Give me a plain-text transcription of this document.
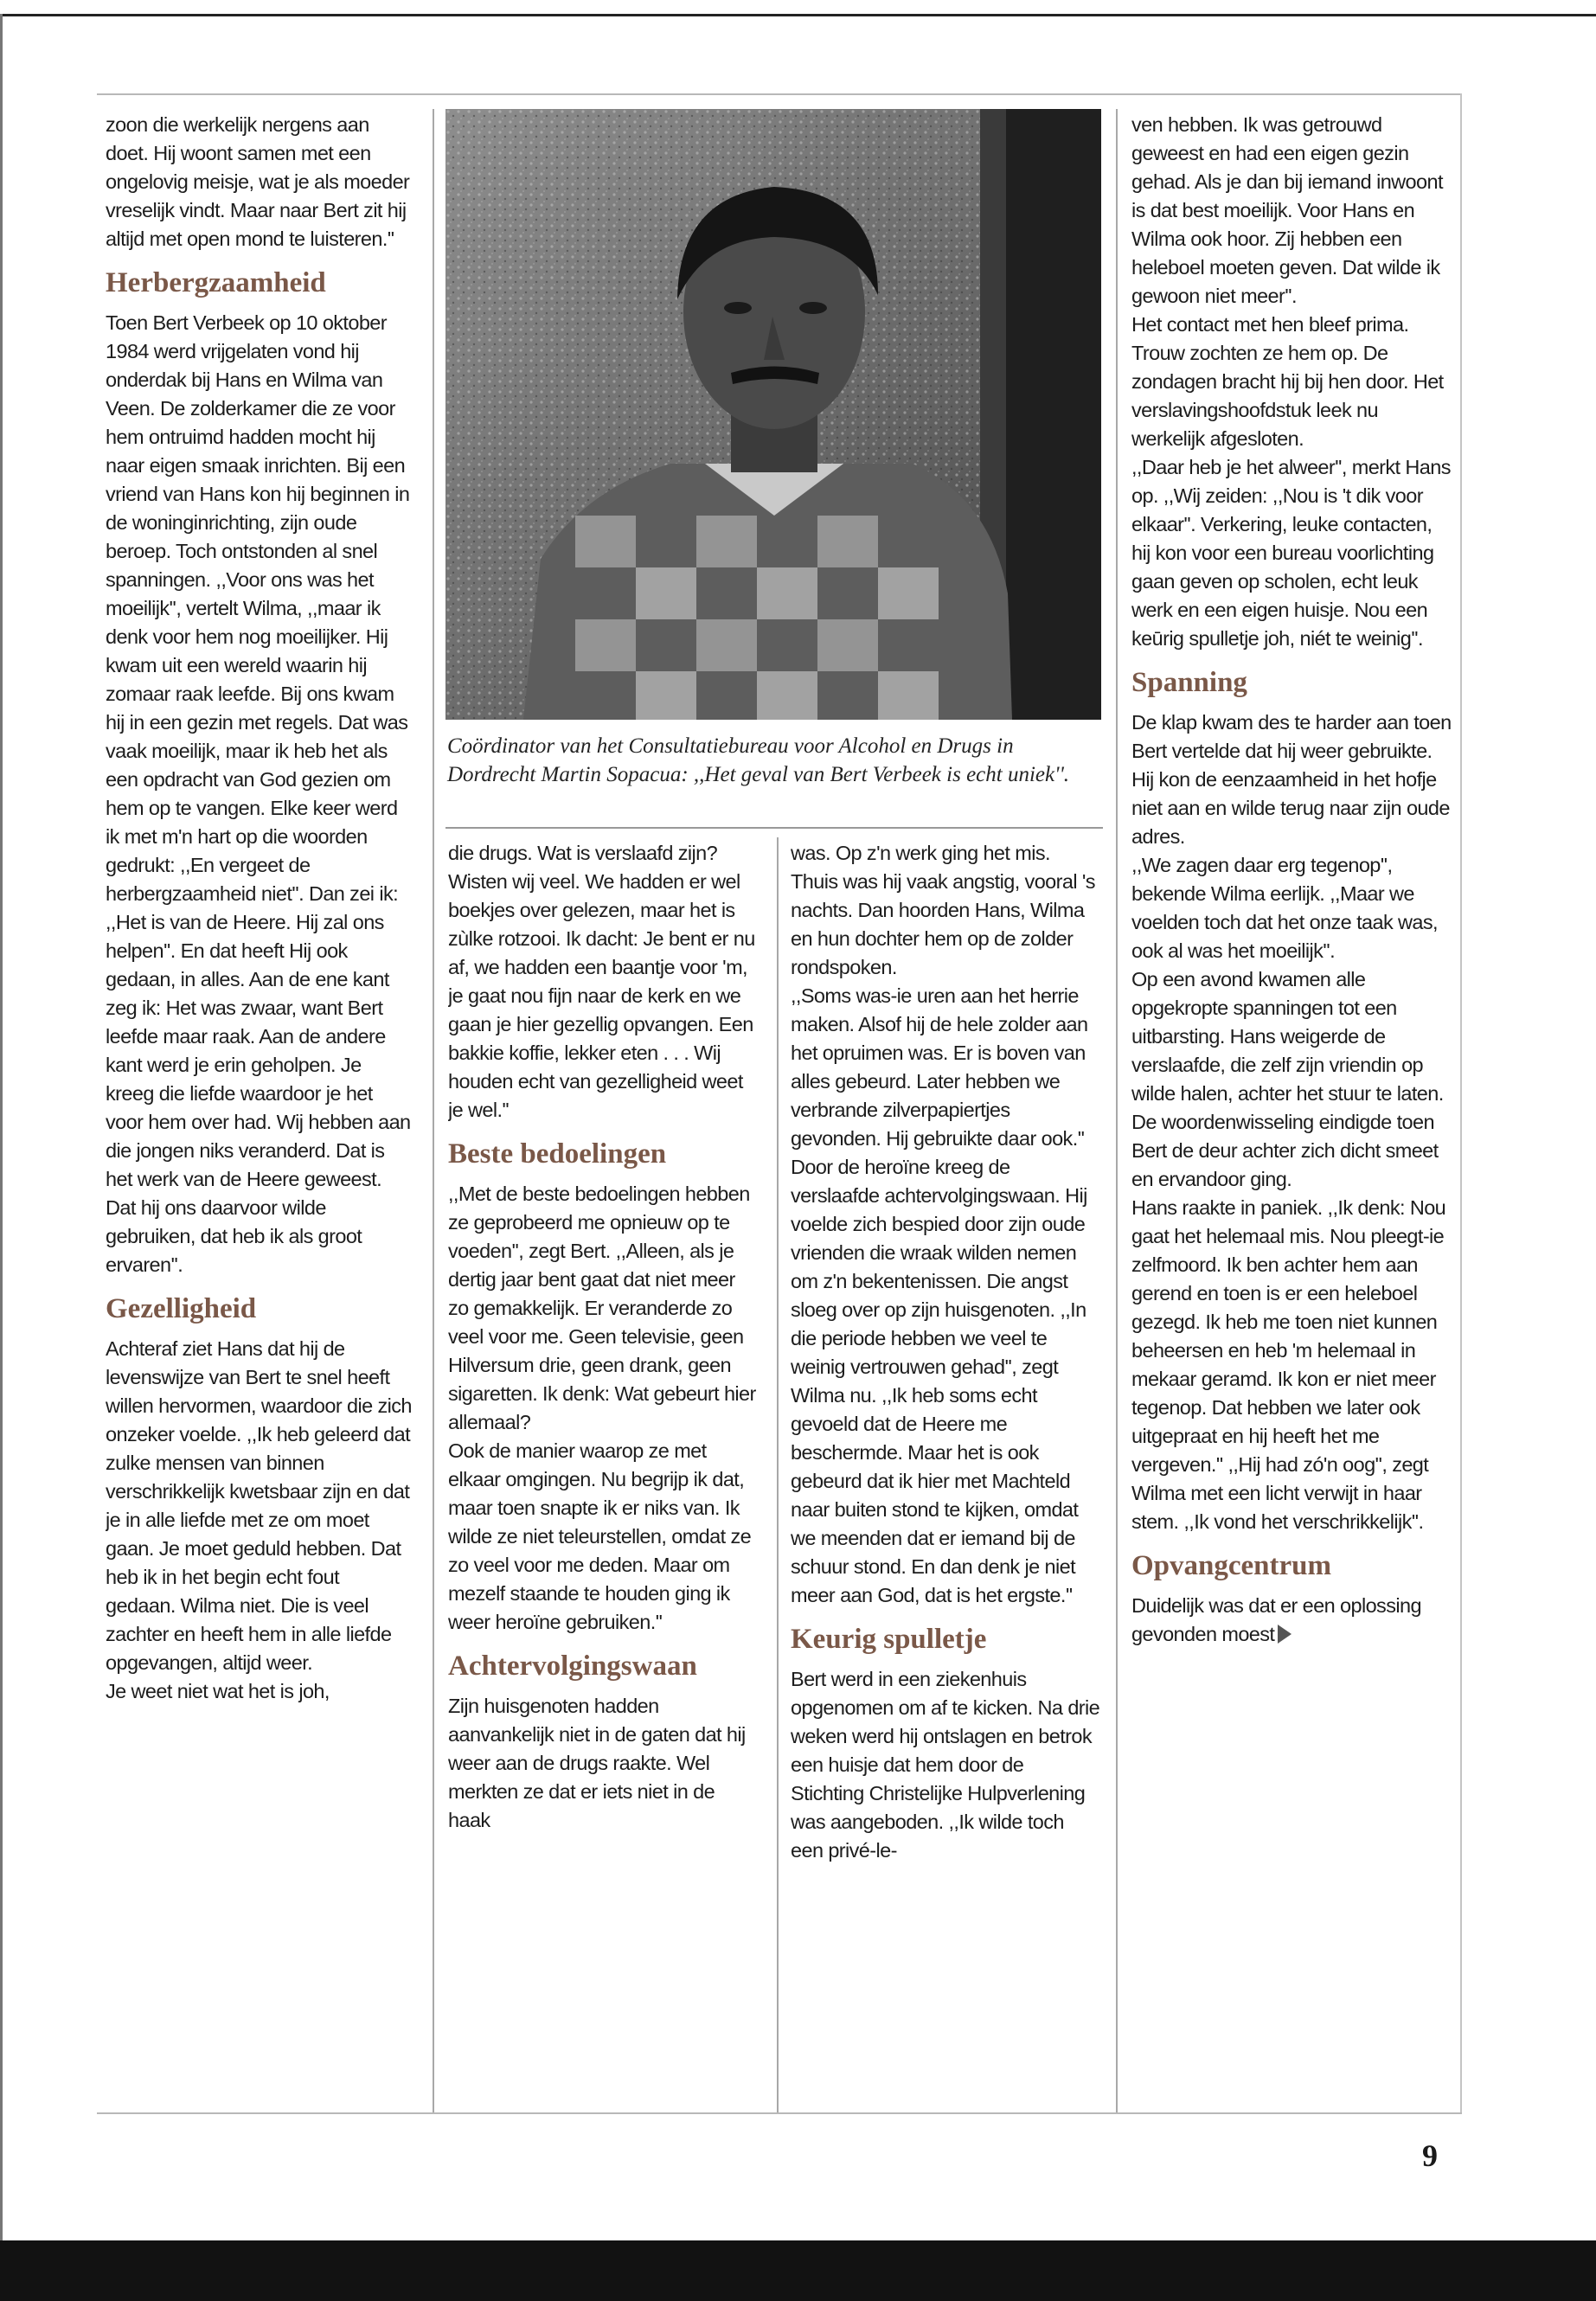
zoon die werkelijk nergens aan doet. Hij woont samen met een ongelovig meisje, wat je als moeder vreselijk vindt. Maar naar Bert zit hij altijd met open mond te luisteren.''

Herbergzaamheid

Toen Bert Verbeek op 10 oktober 1984 werd vrijgelaten vond hij onderdak bij Hans en Wilma van Veen. De zolderkamer die ze voor hem ontruimd hadden mocht hij naar eigen smaak inrichten. Bij een vriend van Hans kon hij beginnen in de woninginrichting, zijn oude beroep. Toch ontstonden al snel spanningen. ,,Voor ons was het moeilijk'', vertelt Wilma, ,,maar ik denk voor hem nog moeilijker. Hij kwam uit een wereld waarin hij zomaar raak leefde. Bij ons kwam hij in een gezin met regels. Dat was vaak moeilijk, maar ik heb het als een opdracht van God gezien om hem op te vangen. Elke keer werd ik met m'n hart op die woorden gedrukt: ,,En vergeet de herbergzaamheid niet''. Dan zei ik: ,,Het is van de Heere. Hij zal ons helpen''. En dat heeft Hij ook gedaan, in alles. Aan de ene kant zeg ik: Het was zwaar, want Bert leefde maar raak. Aan de andere kant werd je erin geholpen. Je kreeg die liefde waardoor je het voor hem over had. Wij hebben aan die jongen niks veranderd. Dat is het werk van de Heere geweest. Dat hij ons daarvoor wilde gebruiken, dat heb ik als groot ervaren''.

Gezelligheid

Achteraf ziet Hans dat hij de levenswijze van Bert te snel heeft willen hervormen, waardoor die zich onzeker voelde. ,,Ik heb geleerd dat zulke mensen van binnen verschrikkelijk kwetsbaar zijn en dat je in alle liefde met ze om moet gaan. Je moet geduld hebben. Dat heb ik in het begin echt fout gedaan. Wilma niet. Die is veel zachter en heeft hem in alle liefde opgevangen, altijd weer.

Je weet niet wat het is joh,

Coördinator van het Consultatiebureau voor Alcohol en Drugs in Dordrecht Martin Sopacua: ,,Het geval van Bert Verbeek is echt uniek''.

die drugs. Wat is verslaafd zijn? Wisten wij veel. We hadden er wel boekjes over gelezen, maar het is zùlke rotzooi. Ik dacht: Je bent er nu af, we hadden een baantje voor 'm, je gaat nou fijn naar de kerk en we gaan je hier gezellig opvangen. Een bakkie koffie, lekker eten . . . Wij houden echt van gezelligheid weet je wel.''

Beste bedoelingen

,,Met de beste bedoelingen hebben ze geprobeerd me opnieuw op te voeden'', zegt Bert. ,,Alleen, als je dertig jaar bent gaat dat niet meer zo gemakkelijk. Er veranderde zo veel voor me. Geen televisie, geen Hilversum drie, geen drank, geen sigaretten. Ik denk: Wat gebeurt hier allemaal?

Ook de manier waarop ze met elkaar omgingen. Nu begrijp ik dat, maar toen snapte ik er niks van. Ik wilde ze niet teleurstellen, omdat ze zo veel voor me deden. Maar om mezelf staande te houden ging ik weer heroïne gebruiken.''

Achtervolgingswaan

Zijn huisgenoten hadden aanvankelijk niet in de gaten dat hij weer aan de drugs raakte. Wel merkten ze dat er iets niet in de haak

was. Op z'n werk ging het mis. Thuis was hij vaak angstig, vooral 's nachts. Dan hoorden Hans, Wilma en hun dochter hem op de zolder rondspoken.

,,Soms was-ie uren aan het herrie maken. Alsof hij de hele zolder aan het opruimen was. Er is boven van alles gebeurd. Later hebben we verbrande zilverpapiertjes gevonden. Hij gebruikte daar ook.''

Door de heroïne kreeg de verslaafde achtervolgingswaan. Hij voelde zich bespied door zijn oude vrienden die wraak wilden nemen om z'n bekentenissen. Die angst sloeg over op zijn huisgenoten. ,,In die periode hebben we veel te weinig vertrouwen gehad'', zegt Wilma nu. ,,Ik heb soms echt gevoeld dat de Heere me beschermde. Maar het is ook gebeurd dat ik hier met Machteld naar buiten stond te kijken, omdat we meenden dat er iemand bij de schuur stond. En dan denk je niet meer aan God, dat is het ergste.''

Keurig spulletje

Bert werd in een ziekenhuis opgenomen om af te kicken. Na drie weken werd hij ontslagen en betrok een huisje dat hem door de Stichting Christelijke Hulpverlening was aangeboden. ,,Ik wilde toch een privé-le-

ven hebben. Ik was getrouwd geweest en had een eigen gezin gehad. Als je dan bij iemand inwoont is dat best moeilijk. Voor Hans en Wilma ook hoor. Zij hebben een heleboel moeten geven. Dat wilde ik gewoon niet meer''.

Het contact met hen bleef prima. Trouw zochten ze hem op. De zondagen bracht hij bij hen door. Het verslavingshoofdstuk leek nu werkelijk afgesloten.

,,Daar heb je het alweer'', merkt Hans op. ,,Wij zeiden: ,,Nou is 't dik voor elkaar''. Verkering, leuke contacten, hij kon voor een bureau voorlichting gaan geven op scholen, echt leuk werk en een eigen huisje. Nou een keūrig spulletje joh, niét te weinig''.

Spanning

De klap kwam des te harder aan toen Bert vertelde dat hij weer gebruikte. Hij kon de eenzaamheid in het hofje niet aan en wilde terug naar zijn oude adres.

,,We zagen daar erg tegenop'', bekende Wilma eerlijk. ,,Maar we voelden toch dat het onze taak was, ook al was het moeilijk''.

Op een avond kwamen alle opgekropte spanningen tot een uitbarsting. Hans weigerde de verslaafde, die zelf zijn vriendin op wilde halen, achter het stuur te laten. De woordenwisseling eindigde toen Bert de deur achter zich dicht smeet en ervandoor ging.

Hans raakte in paniek. ,,Ik denk: Nou gaat het helemaal mis. Nou pleegt-ie zelfmoord. Ik ben achter hem aan gerend en toen is er een heleboel gezegd. Ik heb me toen niet kunnen beheersen en heb 'm helemaal in mekaar geramd. Ik kon er niet meer tegenop. Dat hebben we later ook uitgepraat en hij heeft het me vergeven.'' ,,Hij had zó'n oog'', zegt Wilma met een licht verwijt in haar stem. ,,Ik vond het verschrikkelijk''.

Opvangcentrum

Duidelijk was dat er een oplossing gevonden moest

9
